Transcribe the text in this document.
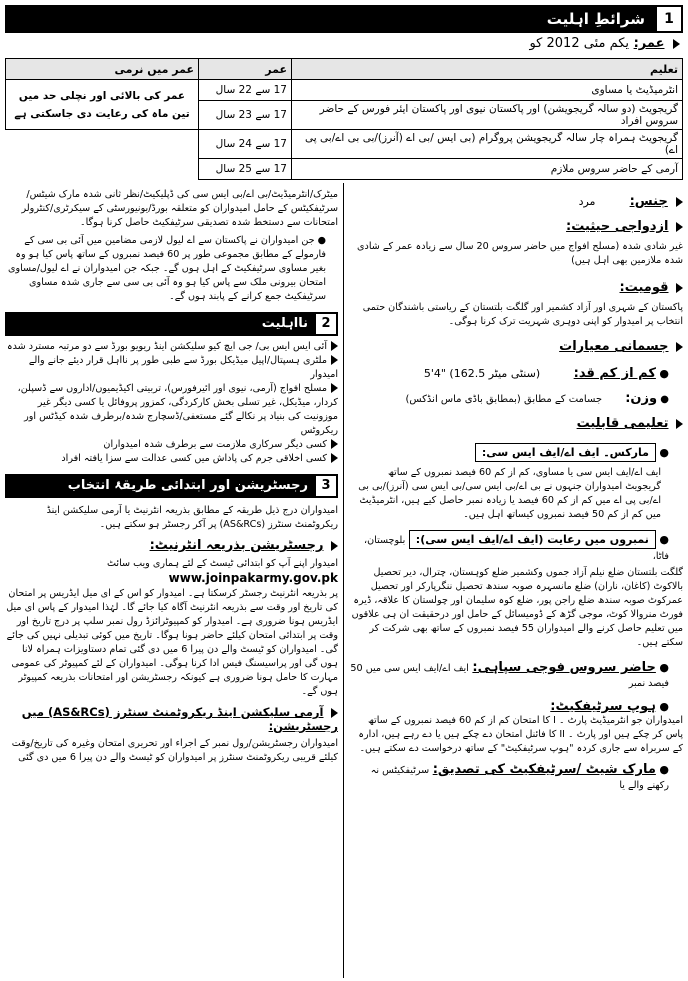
1
شرائطِ اہلیت
عمر: یکم مئی 2012 کو
تعلیم	عمر	عمر میں نرمی
انٹرمیڈیٹ یا مساوی	17 سے 22 سال	عمر کی بالائی اور نچلی حد میں تین ماہ کی رعایت دی جاسکتی ہے
گریجویٹ (دو سالہ گریجویشن) اور پاکستان نیوی اور پاکستان ایئر فورس کے حاضر سروس افراد	17 سے 23 سال	
گریجویٹ ہمراہ چار سالہ گریجویشن پروگرام (بی ایس /بی اے (آنرز)/بی بی اے/بی پی اے)	17 سے 24 سال	
آرمی کے حاضر سروس ملازم	17 سے 25 سال	
جنس: مرد
ازدواجی حیثیت:

غیر شادی شدہ (مسلح افواج میں حاضر سروس 20 سال سے زیادہ عمر کے شادی شدہ ملازمین بھی اہل ہیں)

قومیت:

پاکستان کے شہری اور آزاد کشمیر اور گلگت بلتستان کے ریاستی باشندگان حتمی انتخاب پر امیدوار کو اپنی دوہری شہریت ترک کرنا ہوگی۔

جسمانی معیارات
● کم از کم قد: 5'4" (162.5 سنٹی میٹر)
● وزن: جسامت کے مطابق (بمطابق باڈی ماس انڈکس)
تعلیمی قابلیت
● مارکس۔ ایف اے/ایف ایس سی:

ایف اے/ایف ایس سی یا مساوی، کم از کم 60 فیصد نمبروں کے ساتھ

گریجویٹ امیدواران جنہوں نے بی اے/بی ایس سی/بی ایس سی (آنرز)/بی بی اے/بی پی اے میں کم از کم 60 فیصد یا زیادہ نمبر حاصل کیے ہیں، انٹرمیڈیٹ میں کم از کم 50 فیصد نمبروں کیساتھ اہل ہیں۔

● نمبروں میں رعایت (ایف اے/ایف ایس سی): بلوچستان، فاٹا،

گلگت بلتستان ضلع نیلم آزاد جموں وکشمیر ضلع کوہستان، چترال، دیر تحصیل بالاکوٹ (کاغان، ناران) ضلع مانسہرہ صوبہ سندھ تحصیل ننگرپارکر اور تحصیل عمرکوٹ صوبہ سندھ ضلع راجن پور، ضلع کوہ سلیمان اور چولستان کا علاقہ، ڈیرہ فورٹ منروالا کوٹ، موجی گڑھ کے ڈومیسائل کے حامل اور درحقیقت ان ہی علاقوں میں تعلیم حاصل کرنے والے امیدواران 55 فیصد نمبروں کے ساتھ بھی شرکت کر سکتے ہیں۔

● حاضر سروس فوجی سپاہی: ایف اے/ایف ایس سی میں 50 فیصد نمبر
● ہوپ سرٹیفکیٹ:

امیدواران جو انٹرمیڈیٹ پارٹ ۔ I کا امتحان کم از کم 60 فیصد نمبروں کے ساتھ پاس کر چکے ہیں اور پارٹ ۔ II کا فائنل امتحان دے چکے ہیں یا دے رہے ہیں، ادارہ کے سربراہ سے جاری کردہ "ہوپ سرٹیفکیٹ" کے ساتھ درخواست دے سکتے ہیں۔

● مارک شیٹ /سرٹیفکیٹ کی تصدیق: سرٹیفکیٹس نہ رکھنے والے یا

میٹرک/انٹرمیڈیٹ/بی اے/بی ایس سی کی ڈپلیکیٹ/نظر ثانی شدہ مارک شیٹس/سرٹیفکیٹس کے حامل امیدواران کو متعلقہ بورڈ/یونیورسٹی کے سیکرٹری/کنٹرولر امتحانات سے دستخط شدہ تصدیقی سرٹیفکیٹ حاصل کرنا ہوگا۔

● جن امیدواران نے پاکستان سے اے لیول لازمی مضامین میں آئی بی سی کے فارمولے کے مطابق مجموعی طور پر 60 فیصد نمبروں کے ساتھ پاس کیا ہو وہ بغیر مساوی سرٹیفکیٹ کے اہل ہوں گے۔ جبکہ جن امیدواران نے اے لیول/مساوی امتحان بیرونی ملک سے پاس کیا ہو وہ آئی بی سی سے جاری شدہ مساوی سرٹیفکیٹ جمع کرانے کے پابند ہوں گے۔

2
نااہلیت

آئی ایس ایس بی/ جی ایچ کیو سلیکشن اینڈ ریویو بورڈ سے دو مرتبہ مسترد شدہ

ملٹری ہسپتال/اپیل میڈیکل بورڈ سے طبی طور پر نااہل قرار دیئے جانے والے امیدوار

مسلح افواج (آرمی، نیوی اور ائیرفورس)، تربیتی اکیڈیمیوں/اداروں سے ڈسپلن، کردار، میڈیکل، غیر تسلی بخش کارکردگی، کمزور پروفائل یا کسی دیگر غیر موزونیت کی بنیاد پر نکالے گئے مستعفی/ڈسچارج شدہ/برطرف شدہ کیڈٹس اور ریکروٹس

کسی دیگر سرکاری ملازمت سے برطرف شدہ امیدواران

کسی اخلاقی جرم کی پاداش میں کسی عدالت سے سزا یافتہ افراد

3
رجسٹریشن اور ابتدائی طریقۂ انتخاب

امیدواران درج ذیل طریقہ کے مطابق بذریعہ انٹرنیٹ یا آرمی سلیکشن اینڈ ریکروٹمنٹ سنٹرز (AS&RCs) پر آکر رجسٹر ہو سکتے ہیں۔

رجسٹریشن بذریعہ انٹرنیٹ:

امیدوار اپنے آپ کو ابتدائی ٹیسٹ کے لئے ہماری ویب سائٹ

www.joinpakarmy.gov.pk

پر بذریعہ انٹرنیٹ رجسٹر کرسکتا ہے۔ امیدوار کو اس کے ای میل ایڈریس پر امتحان کی تاریخ اور وقت سے بذریعہ انٹرنیٹ آگاہ کیا جائے گا۔ لہٰذا امیدوار کے پاس ای میل ایڈریس ہونا ضروری ہے۔ امیدوار کو کمپیوٹرائزڈ رول نمبر سلپ پر درج تاریخ اور وقت پر ابتدائی امتحان کیلئے حاضر ہونا ہوگا۔ تاریخ میں کوئی تبدیلی نہیں کی جائے گی۔ امیدواران کو ٹیسٹ والے دن پیرا 6 میں دی گئی تمام دستاویزات ہمراہ لانا ہوں گی اور پراسیسنگ فیس ادا کرنا ہوگی۔ امیدواران کے لئے کمپیوٹر کی عمومی مہارت کا حامل ہونا ضروری ہے کیونکہ رجسٹریشن اور امتحانات بذریعہ کمپیوٹر ہوں گے۔

آرمی سلیکشن اینڈ ریکروٹمنٹ سنٹرز (AS&RCs) میں رجسٹریشن:

امیدواران رجسٹریشن/رول نمبر کے اجراء اور تحریری امتحان وغیرہ کی تاریخ/وقت کیلئے قریبی ریکروٹمنٹ سنٹرز پر امیدواران کو ٹیسٹ والے دن پیرا 6 میں دی گئی
